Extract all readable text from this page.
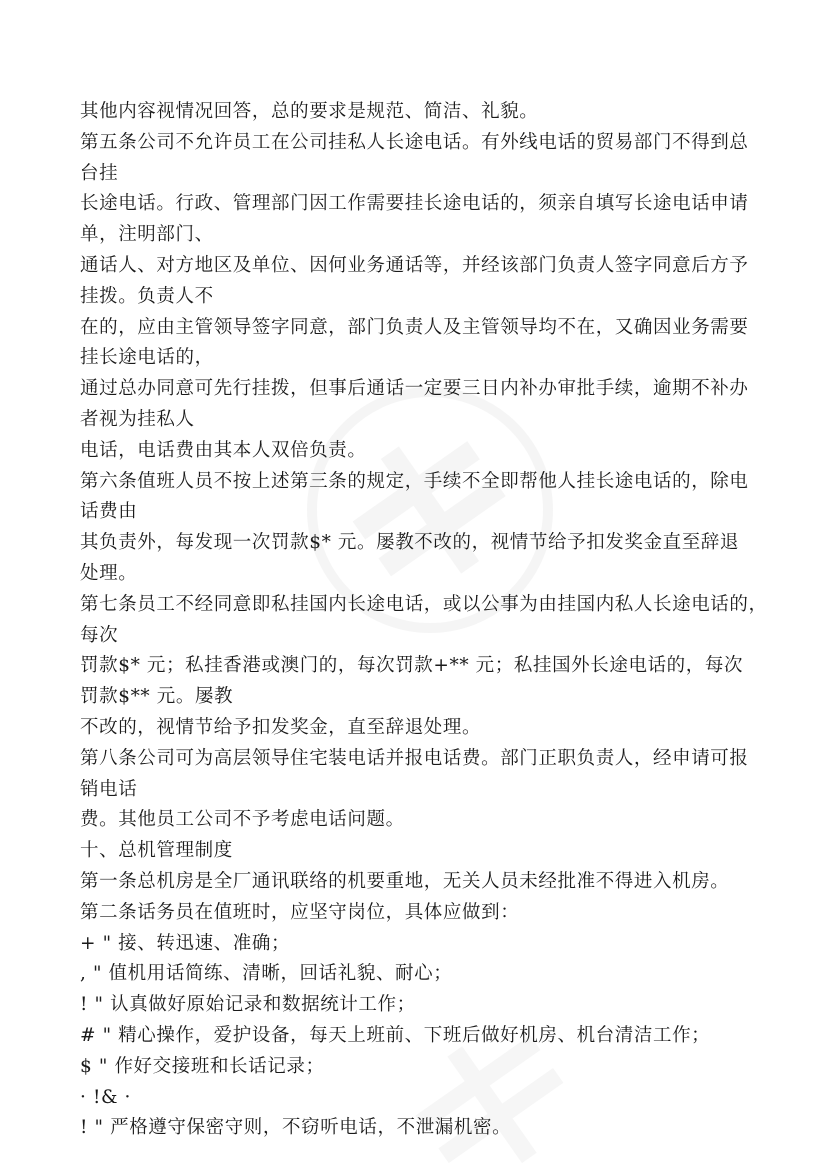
其他内容视情况回答，总的要求是规范、简洁、礼貌。
第五条公司不允许员工在公司挂私人长途电话。有外线电话的贸易部门不得到总
台挂
长途电话。行政、管理部门因工作需要挂长途电话的，须亲自填写长途电话申请
单，注明部门、
通话人、对方地区及单位、因何业务通话等，并经该部门负责人签字同意后方予
挂拨。负责人不
在的，应由主管领导签字同意，部门负责人及主管领导均不在，又确因业务需要
挂长途电话的，
通过总办同意可先行挂拨，但事后通话一定要三日内补办审批手续，逾期不补办
者视为挂私人
电话，电话费由其本人双倍负责。
第六条值班人员不按上述第三条的规定，手续不全即帮他人挂长途电话的，除电
话费由
其负责外，每发现一次罚款$* 元。屡教不改的，视情节给予扣发奖金直至辞退
处理。
第七条员工不经同意即私挂国内长途电话，或以公事为由挂国内私人长途电话的，
每次
罚款$* 元；私挂香港或澳门的，每次罚款+** 元；私挂国外长途电话的，每次
罚款$** 元。屡教
不改的，视情节给予扣发奖金，直至辞退处理。
第八条公司可为高层领导住宅装电话并报电话费。部门正职负责人，经申请可报
销电话
费。其他员工公司不予考虑电话问题。
十、总机管理制度
第一条总机房是全厂通讯联络的机要重地，无关人员未经批准不得进入机房。
第二条话务员在值班时，应坚守岗位，具体应做到：
+ " 接、转迅速、准确；
, " 值机用话简练、清晰，回话礼貌、耐心；
! " 认真做好原始记录和数据统计工作；
# " 精心操作，爱护设备，每天上班前、下班后做好机房、机台清洁工作；
$ " 作好交接班和长话记录；
· !& ·
! " 严格遵守保密守则，不窃听电话，不泄漏机密。
